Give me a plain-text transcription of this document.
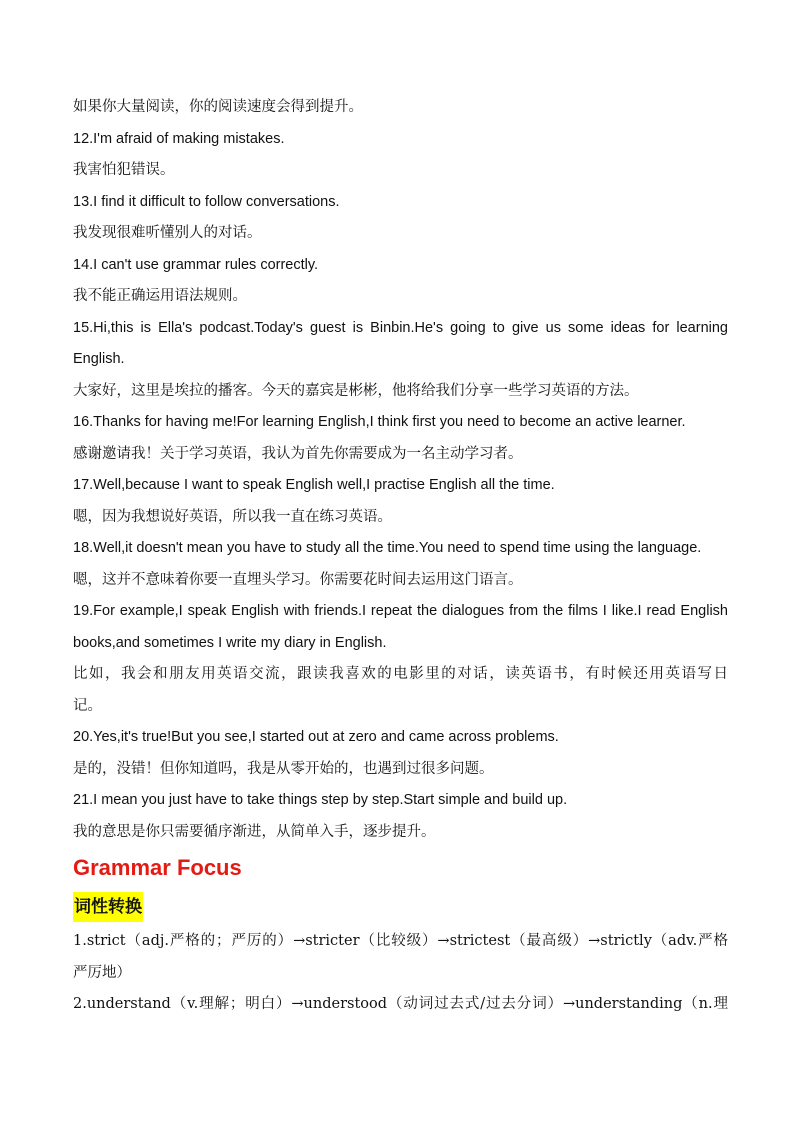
如果你大量阅读，你的阅读速度会得到提升。
12.I'm afraid of making mistakes.
我害怕犯错误。
13.I find it difficult to follow conversations.
我发现很难听懂别人的对话。
14.I can't use grammar rules correctly.
我不能正确运用语法规则。
15.Hi,this is Ella's podcast.Today's guest is Binbin.He's going to give us some ideas for learning
English.
大家好，这里是埃拉的播客。今天的嘉宾是彬彬，他将给我们分享一些学习英语的方法。
16.Thanks for having me!For learning English,I think first you need to become an active learner.
感谢邀请我！关于学习英语，我认为首先你需要成为一名主动学习者。
17.Well,because I want to speak English well,I practise English all the time.
嗯，因为我想说好英语，所以我一直在练习英语。
18.Well,it doesn't mean you have to study all the time.You need to spend time using the language.
嗯，这并不意味着你要一直埋头学习。你需要花时间去运用这门语言。
19.For example,I speak English with friends.I repeat the dialogues from the films I like.I read English
books,and sometimes I write my diary in English.
比如，我会和朋友用英语交流，跟读我喜欢的电影里的对话，读英语书，有时候还用英语写日
记。
20.Yes,it's true!But you see,I started out at zero and came across problems.
是的，没错！但你知道吗，我是从零开始的，也遇到过很多问题。
21.I mean you just have to take things step by step.Start simple and build up.
我的意思是你只需要循序渐进，从简单入手，逐步提升。
Grammar Focus
词性转换
1.strict（adj.严格的；严厉的）→stricter（比较级）→strictest（最高级）→strictly（adv.严格
严厉地）
2.understand（v.理解；明白）→understood（动词过去式/过去分词）→understanding（n.理
